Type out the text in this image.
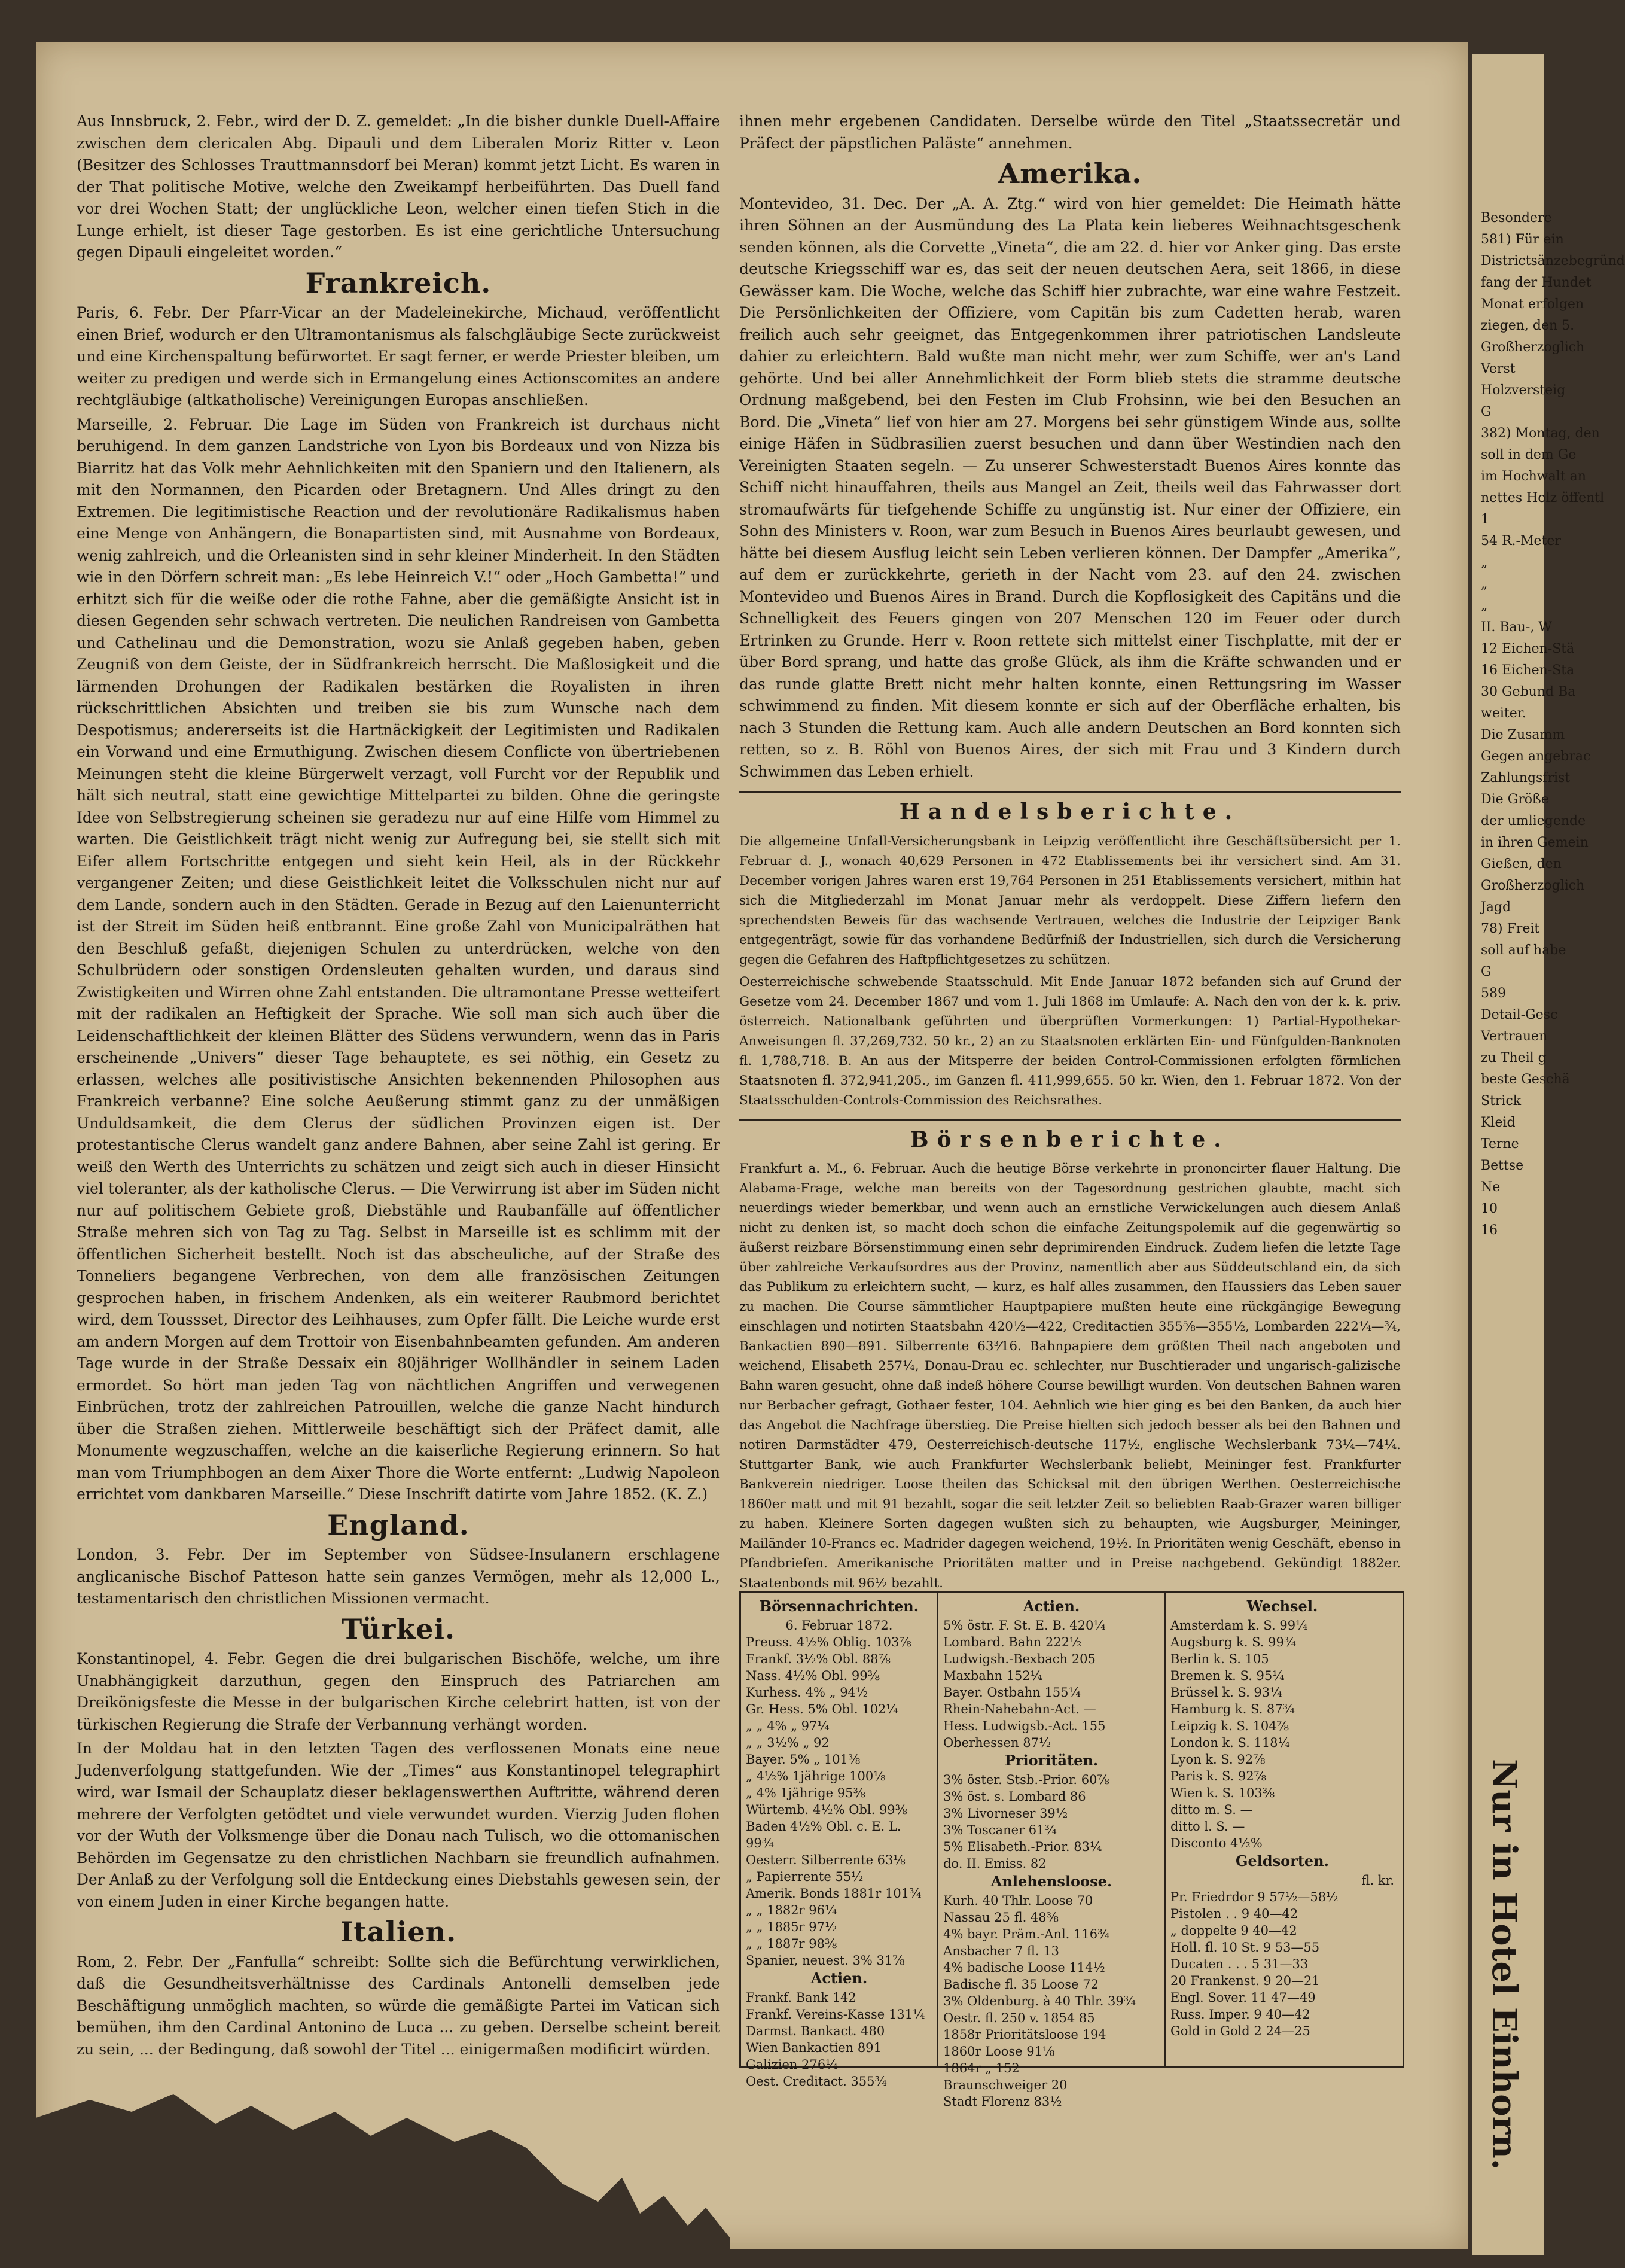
Aus Innsbruck, 2. Febr., wird der D. Z. gemeldet: „In die bisher dunkle Duell-Affaire zwischen dem clericalen Abg. Dipauli und dem Liberalen Moriz Ritter v. Leon (Besitzer des Schlosses Trauttmannsdorf bei Meran) kommt jetzt Licht. Es waren in der That politische Motive, welche den Zweikampf herbeiführten. Das Duell fand vor drei Wochen Statt; der unglückliche Leon, welcher einen tiefen Stich in die Lunge erhielt, ist dieser Tage gestorben. Es ist eine gerichtliche Untersuchung gegen Dipauli eingeleitet worden.“

Frankreich.

Paris, 6. Febr. Der Pfarr-Vicar an der Madeleinekirche, Michaud, veröffentlicht einen Brief, wodurch er den Ultramontanismus als falschgläubige Secte zurückweist und eine Kirchenspaltung befürwortet. Er sagt ferner, er werde Priester bleiben, um weiter zu predigen und werde sich in Ermangelung eines Actionscomites an andere rechtgläubige (altkatholische) Vereinigungen Europas anschließen.

Marseille, 2. Februar. Die Lage im Süden von Frankreich ist durchaus nicht beruhigend. In dem ganzen Landstriche von Lyon bis Bordeaux und von Nizza bis Biarritz hat das Volk mehr Aehnlichkeiten mit den Spaniern und den Italienern, als mit den Normannen, den Picarden oder Bretagnern. Und Alles dringt zu den Extremen. Die legitimistische Reaction und der revolutionäre Radikalismus haben eine Menge von Anhängern, die Bonapartisten sind, mit Ausnahme von Bordeaux, wenig zahlreich, und die Orleanisten sind in sehr kleiner Minderheit. In den Städten wie in den Dörfern schreit man: „Es lebe Heinreich V.!“ oder „Hoch Gambetta!“ und erhitzt sich für die weiße oder die rothe Fahne, aber die gemäßigte Ansicht ist in diesen Gegenden sehr schwach vertreten. Die neulichen Randreisen von Gambetta und Cathelinau und die Demonstration, wozu sie Anlaß gegeben haben, geben Zeugniß von dem Geiste, der in Südfrankreich herrscht. Die Maßlosigkeit und die lärmenden Drohungen der Radikalen bestärken die Royalisten in ihren rückschrittlichen Absichten und treiben sie bis zum Wunsche nach dem Despotismus; andererseits ist die Hartnäckigkeit der Legitimisten und Radikalen ein Vorwand und eine Ermuthigung. Zwischen diesem Conflicte von übertriebenen Meinungen steht die kleine Bürgerwelt verzagt, voll Furcht vor der Republik und hält sich neutral, statt eine gewichtige Mittelpartei zu bilden. Ohne die geringste Idee von Selbstregierung scheinen sie geradezu nur auf eine Hilfe vom Himmel zu warten. Die Geistlichkeit trägt nicht wenig zur Aufregung bei, sie stellt sich mit Eifer allem Fortschritte entgegen und sieht kein Heil, als in der Rückkehr vergangener Zeiten; und diese Geistlichkeit leitet die Volksschulen nicht nur auf dem Lande, sondern auch in den Städten. Gerade in Bezug auf den Laienunterricht ist der Streit im Süden heiß entbrannt. Eine große Zahl von Municipalräthen hat den Beschluß gefaßt, diejenigen Schulen zu unterdrücken, welche von den Schulbrüdern oder sonstigen Ordensleuten gehalten wurden, und daraus sind Zwistigkeiten und Wirren ohne Zahl entstanden. Die ultramontane Presse wetteifert mit der radikalen an Heftigkeit der Sprache. Wie soll man sich auch über die Leidenschaftlichkeit der kleinen Blätter des Südens verwundern, wenn das in Paris erscheinende „Univers“ dieser Tage behauptete, es sei nöthig, ein Gesetz zu erlassen, welches alle positivistische Ansichten bekennenden Philosophen aus Frankreich verbanne? Eine solche Aeußerung stimmt ganz zu der unmäßigen Unduldsamkeit, die dem Clerus der südlichen Provinzen eigen ist. Der protestantische Clerus wandelt ganz andere Bahnen, aber seine Zahl ist gering. Er weiß den Werth des Unterrichts zu schätzen und zeigt sich auch in dieser Hinsicht viel toleranter, als der katholische Clerus. — Die Verwirrung ist aber im Süden nicht nur auf politischem Gebiete groß, Diebstähle und Raubanfälle auf öffentlicher Straße mehren sich von Tag zu Tag. Selbst in Marseille ist es schlimm mit der öffentlichen Sicherheit bestellt. Noch ist das abscheuliche, auf der Straße des Tonneliers begangene Verbrechen, von dem alle französischen Zeitungen gesprochen haben, in frischem Andenken, als ein weiterer Raubmord berichtet wird, dem Toussset, Director des Leihhauses, zum Opfer fällt. Die Leiche wurde erst am andern Morgen auf dem Trottoir von Eisenbahnbeamten gefunden. Am anderen Tage wurde in der Straße Dessaix ein 80jähriger Wollhändler in seinem Laden ermordet. So hört man jeden Tag von nächtlichen Angriffen und verwegenen Einbrüchen, trotz der zahlreichen Patrouillen, welche die ganze Nacht hindurch über die Straßen ziehen. Mittlerweile beschäftigt sich der Präfect damit, alle Monumente wegzuschaffen, welche an die kaiserliche Regierung erinnern. So hat man vom Triumphbogen an dem Aixer Thore die Worte entfernt: „Ludwig Napoleon errichtet vom dankbaren Marseille.“ Diese Inschrift datirte vom Jahre 1852. (K. Z.)

England.

London, 3. Febr. Der im September von Südsee-Insulanern erschlagene anglicanische Bischof Patteson hatte sein ganzes Vermögen, mehr als 12,000 L., testamentarisch den christlichen Missionen vermacht.

Türkei.

Konstantinopel, 4. Febr. Gegen die drei bulgarischen Bischöfe, welche, um ihre Unabhängigkeit darzuthun, gegen den Einspruch des Patriarchen am Dreikönigsfeste die Messe in der bulgarischen Kirche celebrirt hatten, ist von der türkischen Regierung die Strafe der Verbannung verhängt worden.

In der Moldau hat in den letzten Tagen des verflossenen Monats eine neue Judenverfolgung stattgefunden. Wie der „Times“ aus Konstantinopel telegraphirt wird, war Ismail der Schauplatz dieser beklagenswerthen Auftritte, während deren mehrere der Verfolgten getödtet und viele verwundet wurden. Vierzig Juden flohen vor der Wuth der Volksmenge über die Donau nach Tulisch, wo die ottomanischen Behörden im Gegensatze zu den christlichen Nachbarn sie freundlich aufnahmen. Der Anlaß zu der Verfolgung soll die Entdeckung eines Diebstahls gewesen sein, der von einem Juden in einer Kirche begangen hatte.

Italien.

Rom, 2. Febr. Der „Fanfulla“ schreibt: Sollte sich die Befürchtung verwirklichen, daß die Gesundheitsverhältnisse des Cardinals Antonelli demselben jede Beschäftigung unmöglich machten, so würde die gemäßigte Partei im Vatican sich bemühen, ihm den Cardinal Antonino de Luca ... zu geben. Derselbe scheint bereit zu sein, ... der Bedingung, daß sowohl der Titel ... einigermaßen modificirt würden.

ihnen mehr ergebenen Candidaten. Derselbe würde den Titel „Staatssecretär und Präfect der päpstlichen Paläste“ annehmen.

Amerika.

Montevideo, 31. Dec. Der „A. A. Ztg.“ wird von hier gemeldet: Die Heimath hätte ihren Söhnen an der Ausmündung des La Plata kein lieberes Weihnachtsgeschenk senden können, als die Corvette „Vineta“, die am 22. d. hier vor Anker ging. Das erste deutsche Kriegsschiff war es, das seit der neuen deutschen Aera, seit 1866, in diese Gewässer kam. Die Woche, welche das Schiff hier zubrachte, war eine wahre Festzeit. Die Persönlichkeiten der Offiziere, vom Capitän bis zum Cadetten herab, waren freilich auch sehr geeignet, das Entgegenkommen ihrer patriotischen Landsleute dahier zu erleichtern. Bald wußte man nicht mehr, wer zum Schiffe, wer an's Land gehörte. Und bei aller Annehmlichkeit der Form blieb stets die stramme deutsche Ordnung maßgebend, bei den Festen im Club Frohsinn, wie bei den Besuchen an Bord. Die „Vineta“ lief von hier am 27. Morgens bei sehr günstigem Winde aus, sollte einige Häfen in Südbrasilien zuerst besuchen und dann über Westindien nach den Vereinigten Staaten segeln. — Zu unserer Schwesterstadt Buenos Aires konnte das Schiff nicht hinauffahren, theils aus Mangel an Zeit, theils weil das Fahrwasser dort stromaufwärts für tiefgehende Schiffe zu ungünstig ist. Nur einer der Offiziere, ein Sohn des Ministers v. Roon, war zum Besuch in Buenos Aires beurlaubt gewesen, und hätte bei diesem Ausflug leicht sein Leben verlieren können. Der Dampfer „Amerika“, auf dem er zurückkehrte, gerieth in der Nacht vom 23. auf den 24. zwischen Montevideo und Buenos Aires in Brand. Durch die Kopflosigkeit des Capitäns und die Schnelligkeit des Feuers gingen von 207 Menschen 120 im Feuer oder durch Ertrinken zu Grunde. Herr v. Roon rettete sich mittelst einer Tischplatte, mit der er über Bord sprang, und hatte das große Glück, als ihm die Kräfte schwanden und er das runde glatte Brett nicht mehr halten konnte, einen Rettungsring im Wasser schwimmend zu finden. Mit diesem konnte er sich auf der Oberfläche erhalten, bis nach 3 Stunden die Rettung kam. Auch alle andern Deutschen an Bord konnten sich retten, so z. B. Röhl von Buenos Aires, der sich mit Frau und 3 Kindern durch Schwimmen das Leben erhielt.

Handelsberichte.

Die allgemeine Unfall-Versicherungsbank in Leipzig veröffentlicht ihre Geschäftsübersicht per 1. Februar d. J., wonach 40,629 Personen in 472 Etablissements bei ihr versichert sind. Am 31. December vorigen Jahres waren erst 19,764 Personen in 251 Etablissements versichert, mithin hat sich die Mitgliederzahl im Monat Januar mehr als verdoppelt. Diese Ziffern liefern den sprechendsten Beweis für das wachsende Vertrauen, welches die Industrie der Leipziger Bank entgegenträgt, sowie für das vorhandene Bedürfniß der Industriellen, sich durch die Versicherung gegen die Gefahren des Haftpflichtgesetzes zu schützen.

Oesterreichische schwebende Staatsschuld. Mit Ende Januar 1872 befanden sich auf Grund der Gesetze vom 24. December 1867 und vom 1. Juli 1868 im Umlaufe: A. Nach den von der k. k. priv. österreich. Nationalbank geführten und überprüften Vormerkungen: 1) Partial-Hypothekar-Anweisungen fl. 37,269,732. 50 kr., 2) an zu Staatsnoten erklärten Ein- und Fünfgulden-Banknoten fl. 1,788,718. B. An aus der Mitsperre der beiden Control-Commissionen erfolgten förmlichen Staatsnoten fl. 372,941,205., im Ganzen fl. 411,999,655. 50 kr. Wien, den 1. Februar 1872. Von der Staatsschulden-Controls-Commission des Reichsrathes.

Börsenberichte.

Frankfurt a. M., 6. Februar. Auch die heutige Börse verkehrte in prononcirter flauer Haltung. Die Alabama-Frage, welche man bereits von der Tagesordnung gestrichen glaubte, macht sich neuerdings wieder bemerkbar, und wenn auch an ernstliche Verwickelungen auch diesem Anlaß nicht zu denken ist, so macht doch schon die einfache Zeitungspolemik auf die gegenwärtig so äußerst reizbare Börsenstimmung einen sehr deprimirenden Eindruck. Zudem liefen die letzte Tage über zahlreiche Verkaufsordres aus der Provinz, namentlich aber aus Süddeutschland ein, da sich das Publikum zu erleichtern sucht, — kurz, es half alles zusammen, den Haussiers das Leben sauer zu machen. Die Course sämmtlicher Hauptpapiere mußten heute eine rückgängige Bewegung einschlagen und notirten Staatsbahn 420½—422, Creditactien 355⅝—355½, Lombarden 222¼—¾, Bankactien 890—891. Silberrente 63³⁄16. Bahnpapiere dem größten Theil nach angeboten und weichend, Elisabeth 257¼, Donau-Drau ec. schlechter, nur Buschtierader und ungarisch-galizische Bahn waren gesucht, ohne daß indeß höhere Course bewilligt wurden. Von deutschen Bahnen waren nur Berbacher gefragt, Gothaer fester, 104. Aehnlich wie hier ging es bei den Banken, da auch hier das Angebot die Nachfrage überstieg. Die Preise hielten sich jedoch besser als bei den Bahnen und notiren Darmstädter 479, Oesterreichisch-deutsche 117½, englische Wechslerbank 73¼—74¼. Stuttgarter Bank, wie auch Frankfurter Wechslerbank beliebt, Meininger fest. Frankfurter Bankverein niedriger. Loose theilen das Schicksal mit den übrigen Werthen. Oesterreichische 1860er matt und mit 91 bezahlt, sogar die seit letzter Zeit so beliebten Raab-Grazer waren billiger zu haben. Kleinere Sorten dagegen wußten sich zu behaupten, wie Augsburger, Meininger, Mailänder 10-Francs ec. Madrider dagegen weichend, 19½. In Prioritäten wenig Geschäft, ebenso in Pfandbriefen. Amerikanische Prioritäten matter und in Preise nachgebend. Gekündigt 1882er. Staatenbonds mit 96½ bezahlt.

Börsennachrichten.
6. Februar 1872.
Preuss. 4½% Oblig. 103⅞
Frankf. 3½% Obl. 88⅞
Nass. 4½% Obl. 99⅜
Kurhess. 4% „ 94½
Gr. Hess. 5% Obl. 102¼
„ „ 4% „ 97¼
„ „ 3½% „ 92
Bayer. 5% „ 101⅜
„ 4½% 1jährige 100⅛
„ 4% 1jährige 95⅜
Würtemb. 4½% Obl. 99⅜
Baden 4½% Obl. c. E. L. 99¾
Oesterr. Silberrente 63⅛
„ Papierrente 55½
Amerik. Bonds 1881r 101¾
„ „ 1882r 96¼
„ „ 1885r 97½
„ „ 1887r 98⅜
Spanier, neuest. 3% 31⅞
Actien.
Frankf. Bank 142
Frankf. Vereins-Kasse 131¼
Darmst. Bankact. 480
Wien Bankactien 891
Galizien 276¼
Oest. Creditact. 355¾
Actien.
5% östr. F. St. E. B. 420¼
Lombard. Bahn 222½
Ludwigsh.-Bexbach 205
Maxbahn 152¼
Bayer. Ostbahn 155¼
Rhein-Nahebahn-Act. —
Hess. Ludwigsb.-Act. 155
Oberhessen 87½
Prioritäten.
3% öster. Stsb.-Prior. 60⅞
3% öst. s. Lombard 86
3% Livorneser 39½
3% Toscaner 61¾
5% Elisabeth.-Prior. 83¼
do. II. Emiss. 82
Anlehensloose.
Kurh. 40 Thlr. Loose 70
Nassau 25 fl. 48⅜
4% bayr. Präm.-Anl. 116¾
Ansbacher 7 fl. 13
4% badische Loose 114½
Badische fl. 35 Loose 72
3% Oldenburg. à 40 Thlr. 39¾
Oestr. fl. 250 v. 1854 85
1858r Prioritätsloose 194
1860r Loose 91⅛
1864r „ 152
Braunschweiger 20
Stadt Florenz 83½
Wechsel.
Amsterdam k. S. 99¼
Augsburg k. S. 99¾
Berlin k. S. 105
Bremen k. S. 95¼
Brüssel k. S. 93¼
Hamburg k. S. 87¾
Leipzig k. S. 104⅞
London k. S. 118¼
Lyon k. S. 92⅞
Paris k. S. 92⅞
Wien k. S. 103⅜
ditto m. S. —
ditto l. S. —
Disconto 4½%
Geldsorten.
fl. kr.
Pr. Friedrdor 9 57½—58½
Pistolen . . 9 40—42
„ doppelte 9 40—42
Holl. fl. 10 St. 9 53—55
Ducaten . . . 5 31—33
20 Frankenst. 9 20—21
Engl. Sover. 11 47—49
Russ. Imper. 9 40—42
Gold in Gold 2 24—25
Besondere
581) Für ein
Districtsänzebegründ
fang der Hundet
Monat erfolgen
ziegen, den 5.
Großherzoglich
Verst
Holzversteig
G
382) Montag, den
soll in dem Ge
im Hochwalt an
nettes Holz öffentl
1
54 R.-Meter
„
„
„
II. Bau-, W
12 Eichen-Stä
16 Eichen-Sta
30 Gebund Ba
weiter.
Die Zusamm
Gegen angebrac
Zahlungsfrist
Die Größe
der umliegende
in ihren Gemein
Gießen, den
Großherzoglich
Jagd
78) Freit
soll auf habe
G
589
Detail-Gesc
Vertrauen
zu Theil g
beste Geschä
Strick
Kleid
Terne
Bettse
Ne
10
16
Nur in Hotel Einhorn.
